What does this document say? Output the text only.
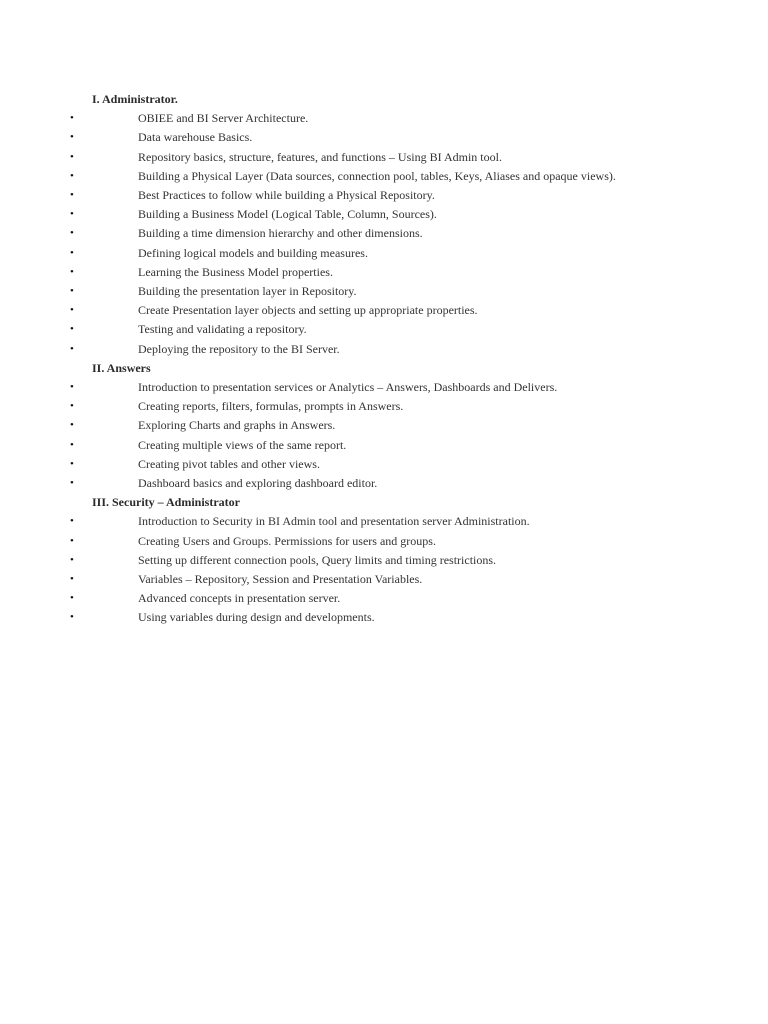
I. Administrator.
•	OBIEE and BI Server Architecture.
•	Data warehouse Basics.
•	Repository basics, structure, features, and functions – Using BI Admin tool.
•	Building a Physical Layer (Data sources, connection pool, tables, Keys, Aliases and opaque views).
•	Best Practices to follow while building a Physical Repository.
•	Building a Business Model (Logical Table, Column, Sources).
•	Building a time dimension hierarchy and other dimensions.
•	Defining logical models and building measures.
•	Learning the Business Model properties.
•	Building the presentation layer in Repository.
•	Create Presentation layer objects and setting up appropriate properties.
•	Testing and validating a repository.
•	Deploying the repository to the BI Server.
II. Answers
•	Introduction to presentation services or Analytics – Answers, Dashboards and Delivers.
•	Creating reports, filters, formulas, prompts in Answers.
•	Exploring Charts and graphs in Answers.
•	Creating multiple views of the same report.
•	Creating pivot tables and other views.
•	Dashboard basics and exploring dashboard editor.
III. Security – Administrator
•	Introduction to Security in BI Admin tool and presentation server Administration.
•	Creating Users and Groups. Permissions for users and groups.
•	Setting up different connection pools, Query limits and timing restrictions.
•	Variables – Repository, Session and Presentation Variables.
•	Advanced concepts in presentation server.
•	Using variables during design and developments.
